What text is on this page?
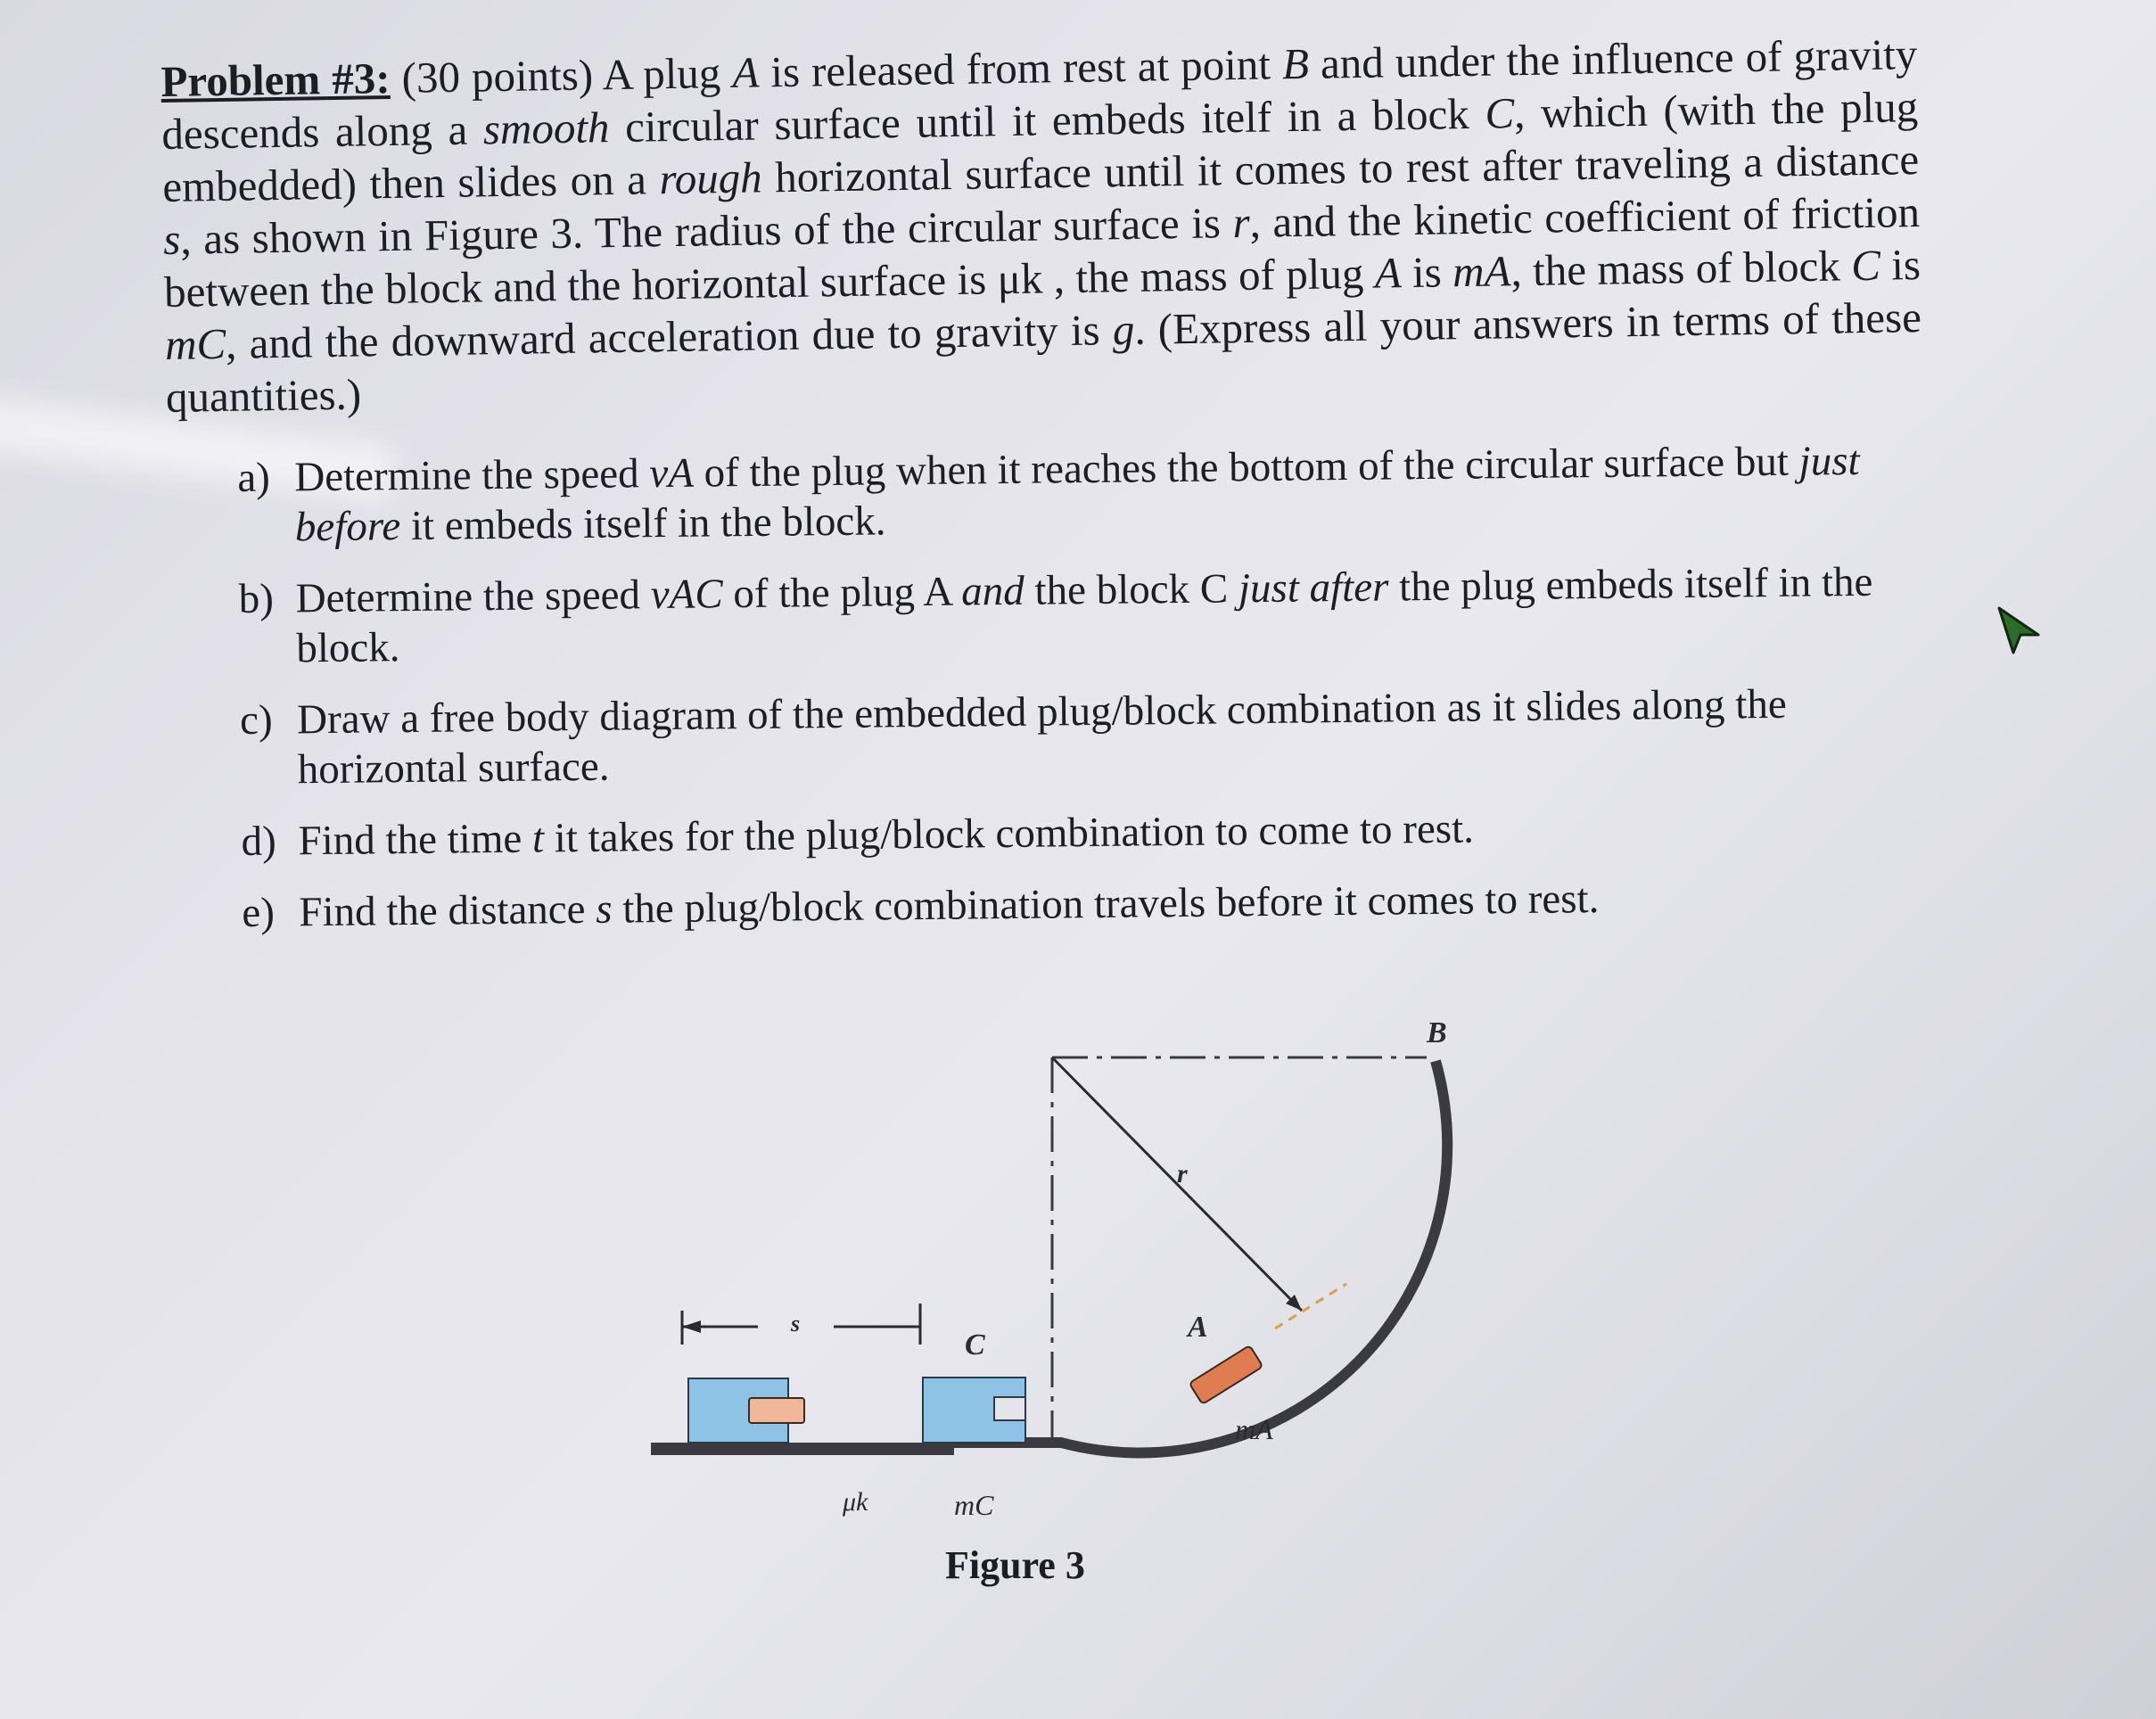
Problem #3: (30 points) A plug A is released from rest at point B and under the influence of gravity descends along a smooth circular surface until it embeds itelf in a block C, which (with the plug embedded) then slides on a rough horizontal surface until it comes to rest after traveling a distance s, as shown in Figure 3. The radius of the circular surface is r, and the kinetic coefficient of friction between the block and the horizontal surface is μk , the mass of plug A is mA, the mass of block C is mC, and the downward acceleration due to gravity is g. (Express all your answers in terms of these quantities.)

a) Determine the speed vA of the plug when it reaches the bottom of the circular surface but just before it embeds itself in the block.
b) Determine the speed vAC of the plug A and the block C just after the plug embeds itself in the block.
c) Draw a free body diagram of the embedded plug/block combination as it slides along the horizontal surface.
d) Find the time t it takes for the plug/block combination to come to rest.
e) Find the distance s the plug/block combination travels before it comes to rest.
B
r
A
C
s
mA
mC
μk
Figure 3
